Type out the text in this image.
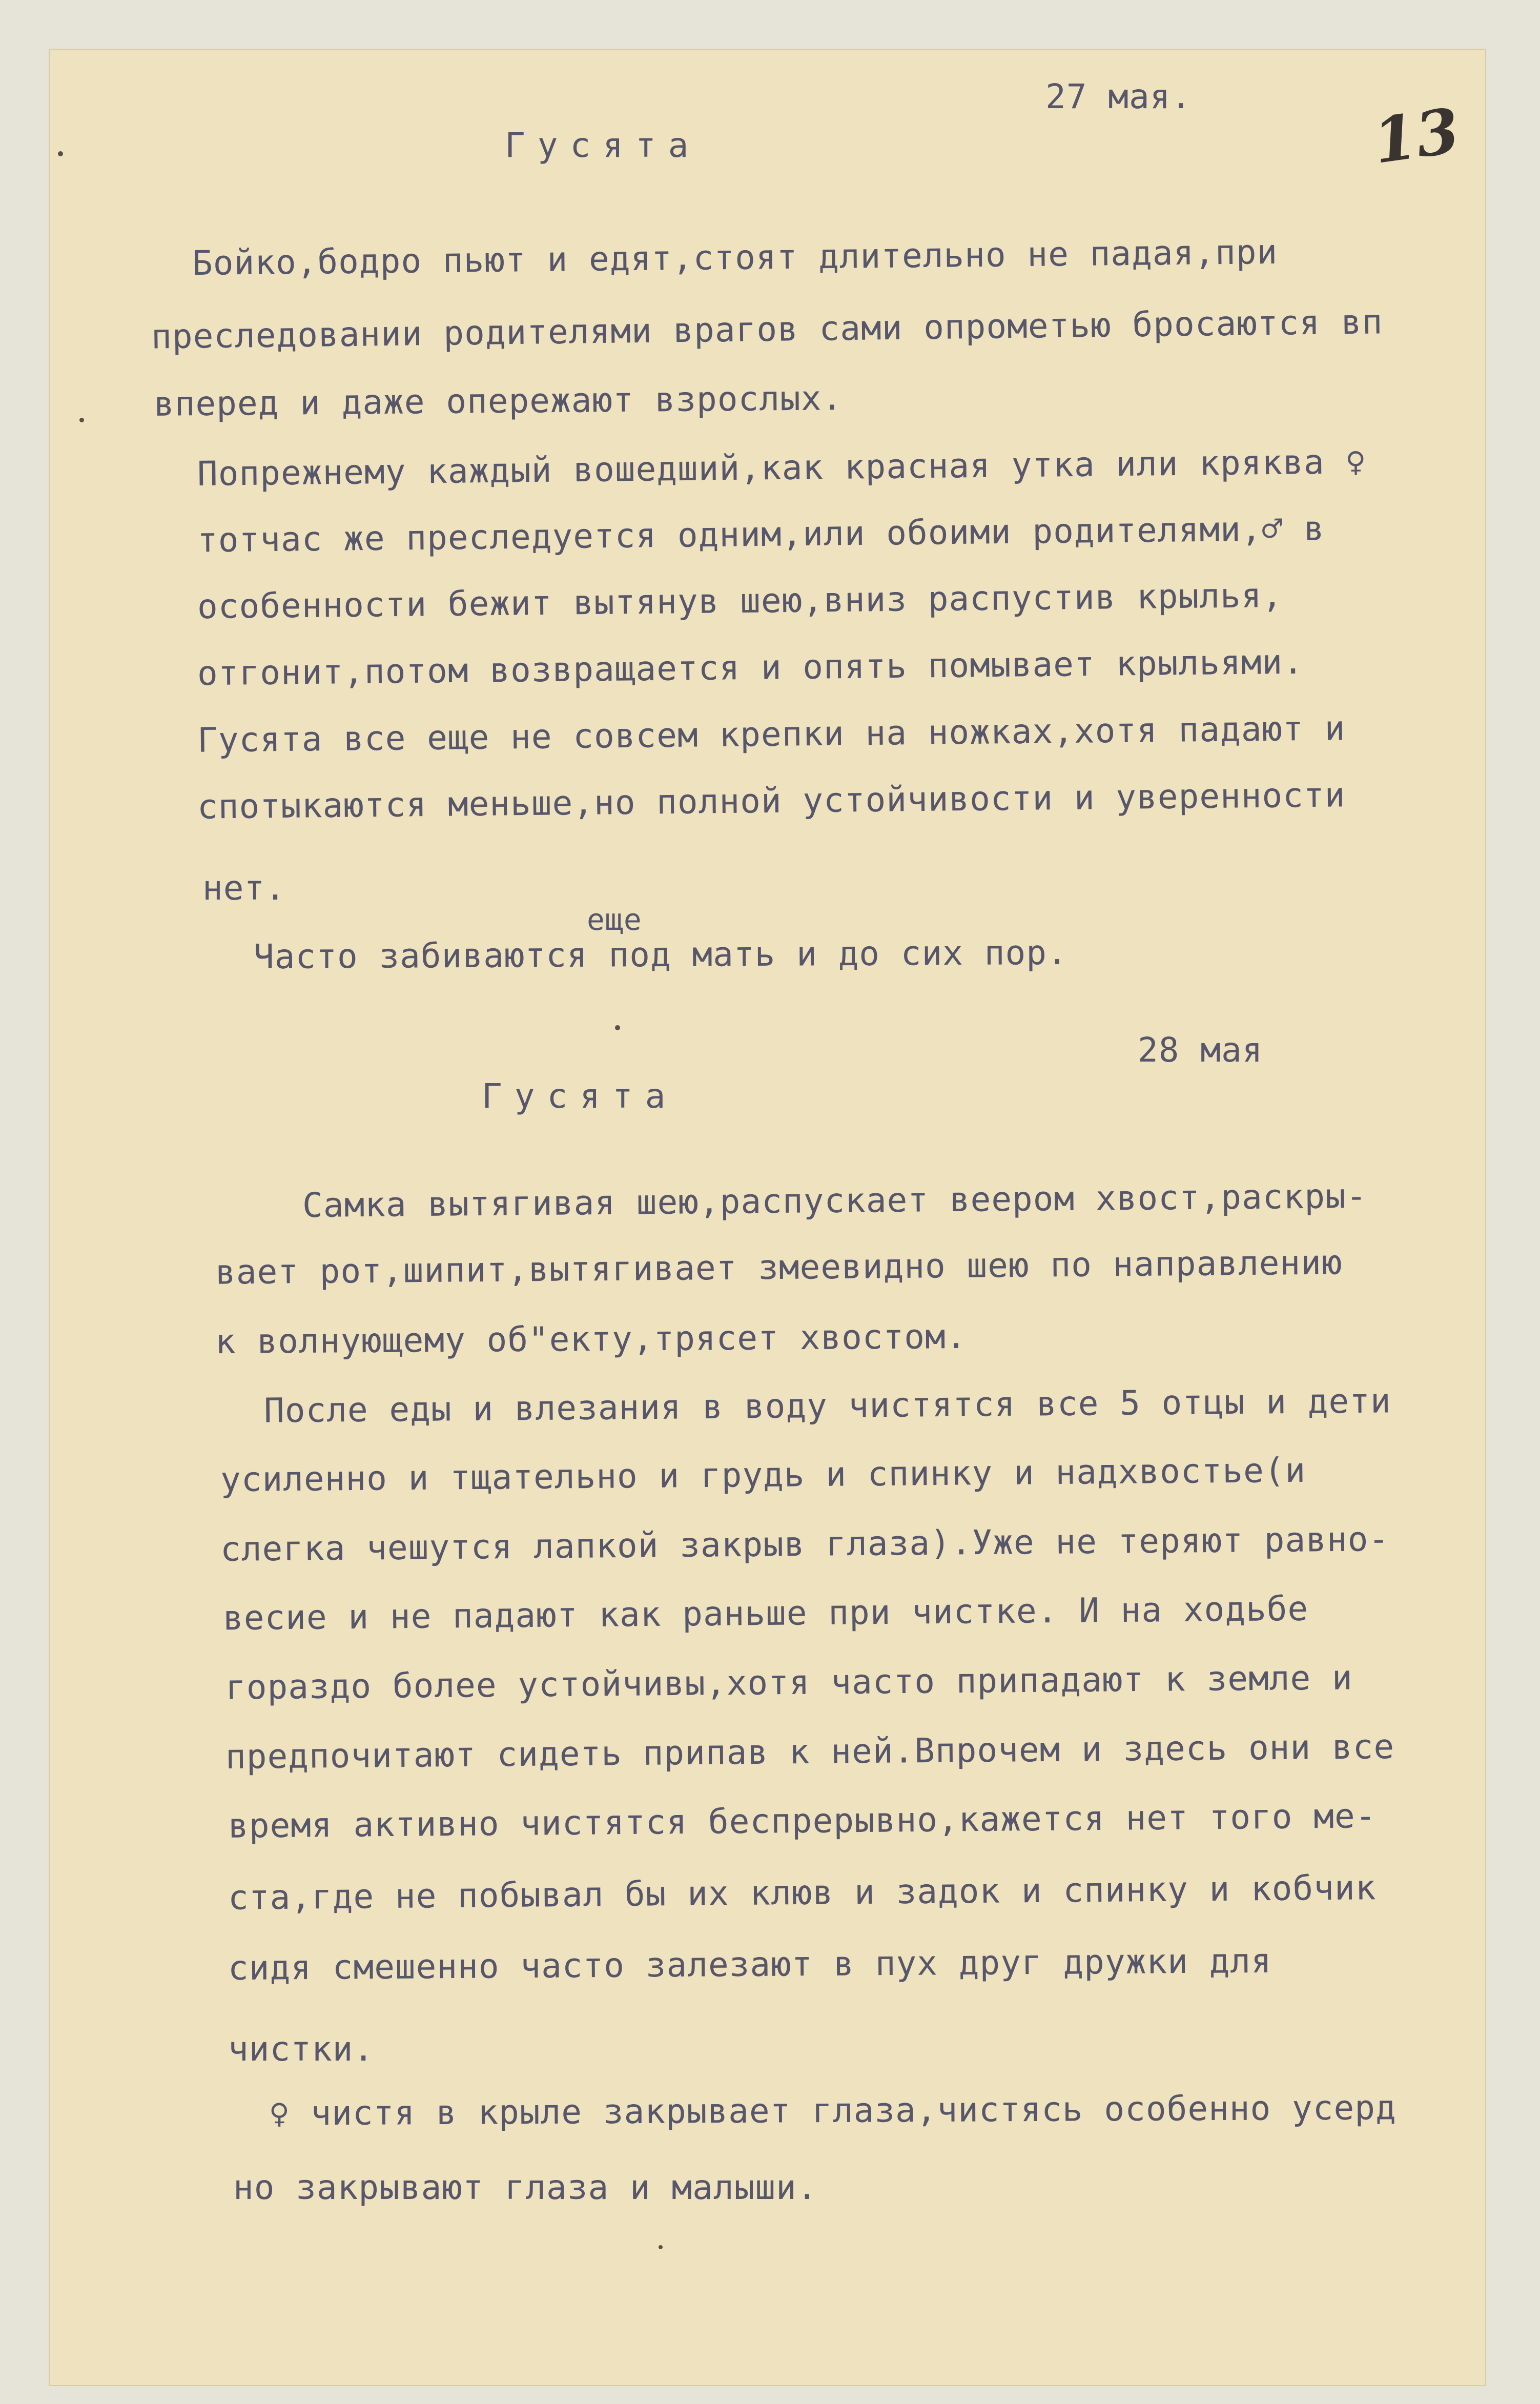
13
27 мая.
Гусята
Бойко,бодро пьют и едят,стоят длительно не падая,при
преследовании родителями врагов сами опрометью бросаются вп
вперед и даже опережают взрослых.
Попрежнему каждый вошедший,как красная утка или кряква ♀
тотчас же преследуется одним,или обоими родителями,♂ в
особенности бежит вытянув шею,вниз распустив крылья,
отгонит,потом возвращается и опять помывает крыльями.
Гусята все еще не совсем крепки на ножках,хотя падают и
спотыкаются меньше,но полной устойчивости и уверенности
нет.
еще
Часто забиваются под мать и до сих пор.
28 мая
Гусята
Самка вытягивая шею,распускает веером хвост,раскры-
вает рот,шипит,вытягивает змеевидно шею по направлению
к волнующему об"екту,трясет хвостом.
После еды и влезания в воду чистятся все 5 отцы и дети
усиленно и тщательно и грудь и спинку и надхвостье(и
слегка чешутся лапкой закрыв глаза).Уже не теряют равно-
весие и не падают как раньше при чистке. И на ходьбе
гораздо более устойчивы,хотя часто припадают к земле и
предпочитают сидеть припав к ней.Впрочем и здесь они все
время активно чистятся беспрерывно,кажется нет того ме-
ста,где не побывал бы их клюв и задок и спинку и кобчик
сидя смешенно часто залезают в пух друг дружки для
чистки.
♀ чистя в крыле закрывает глаза,чистясь особенно усерд
но закрывают глаза и малыши.
